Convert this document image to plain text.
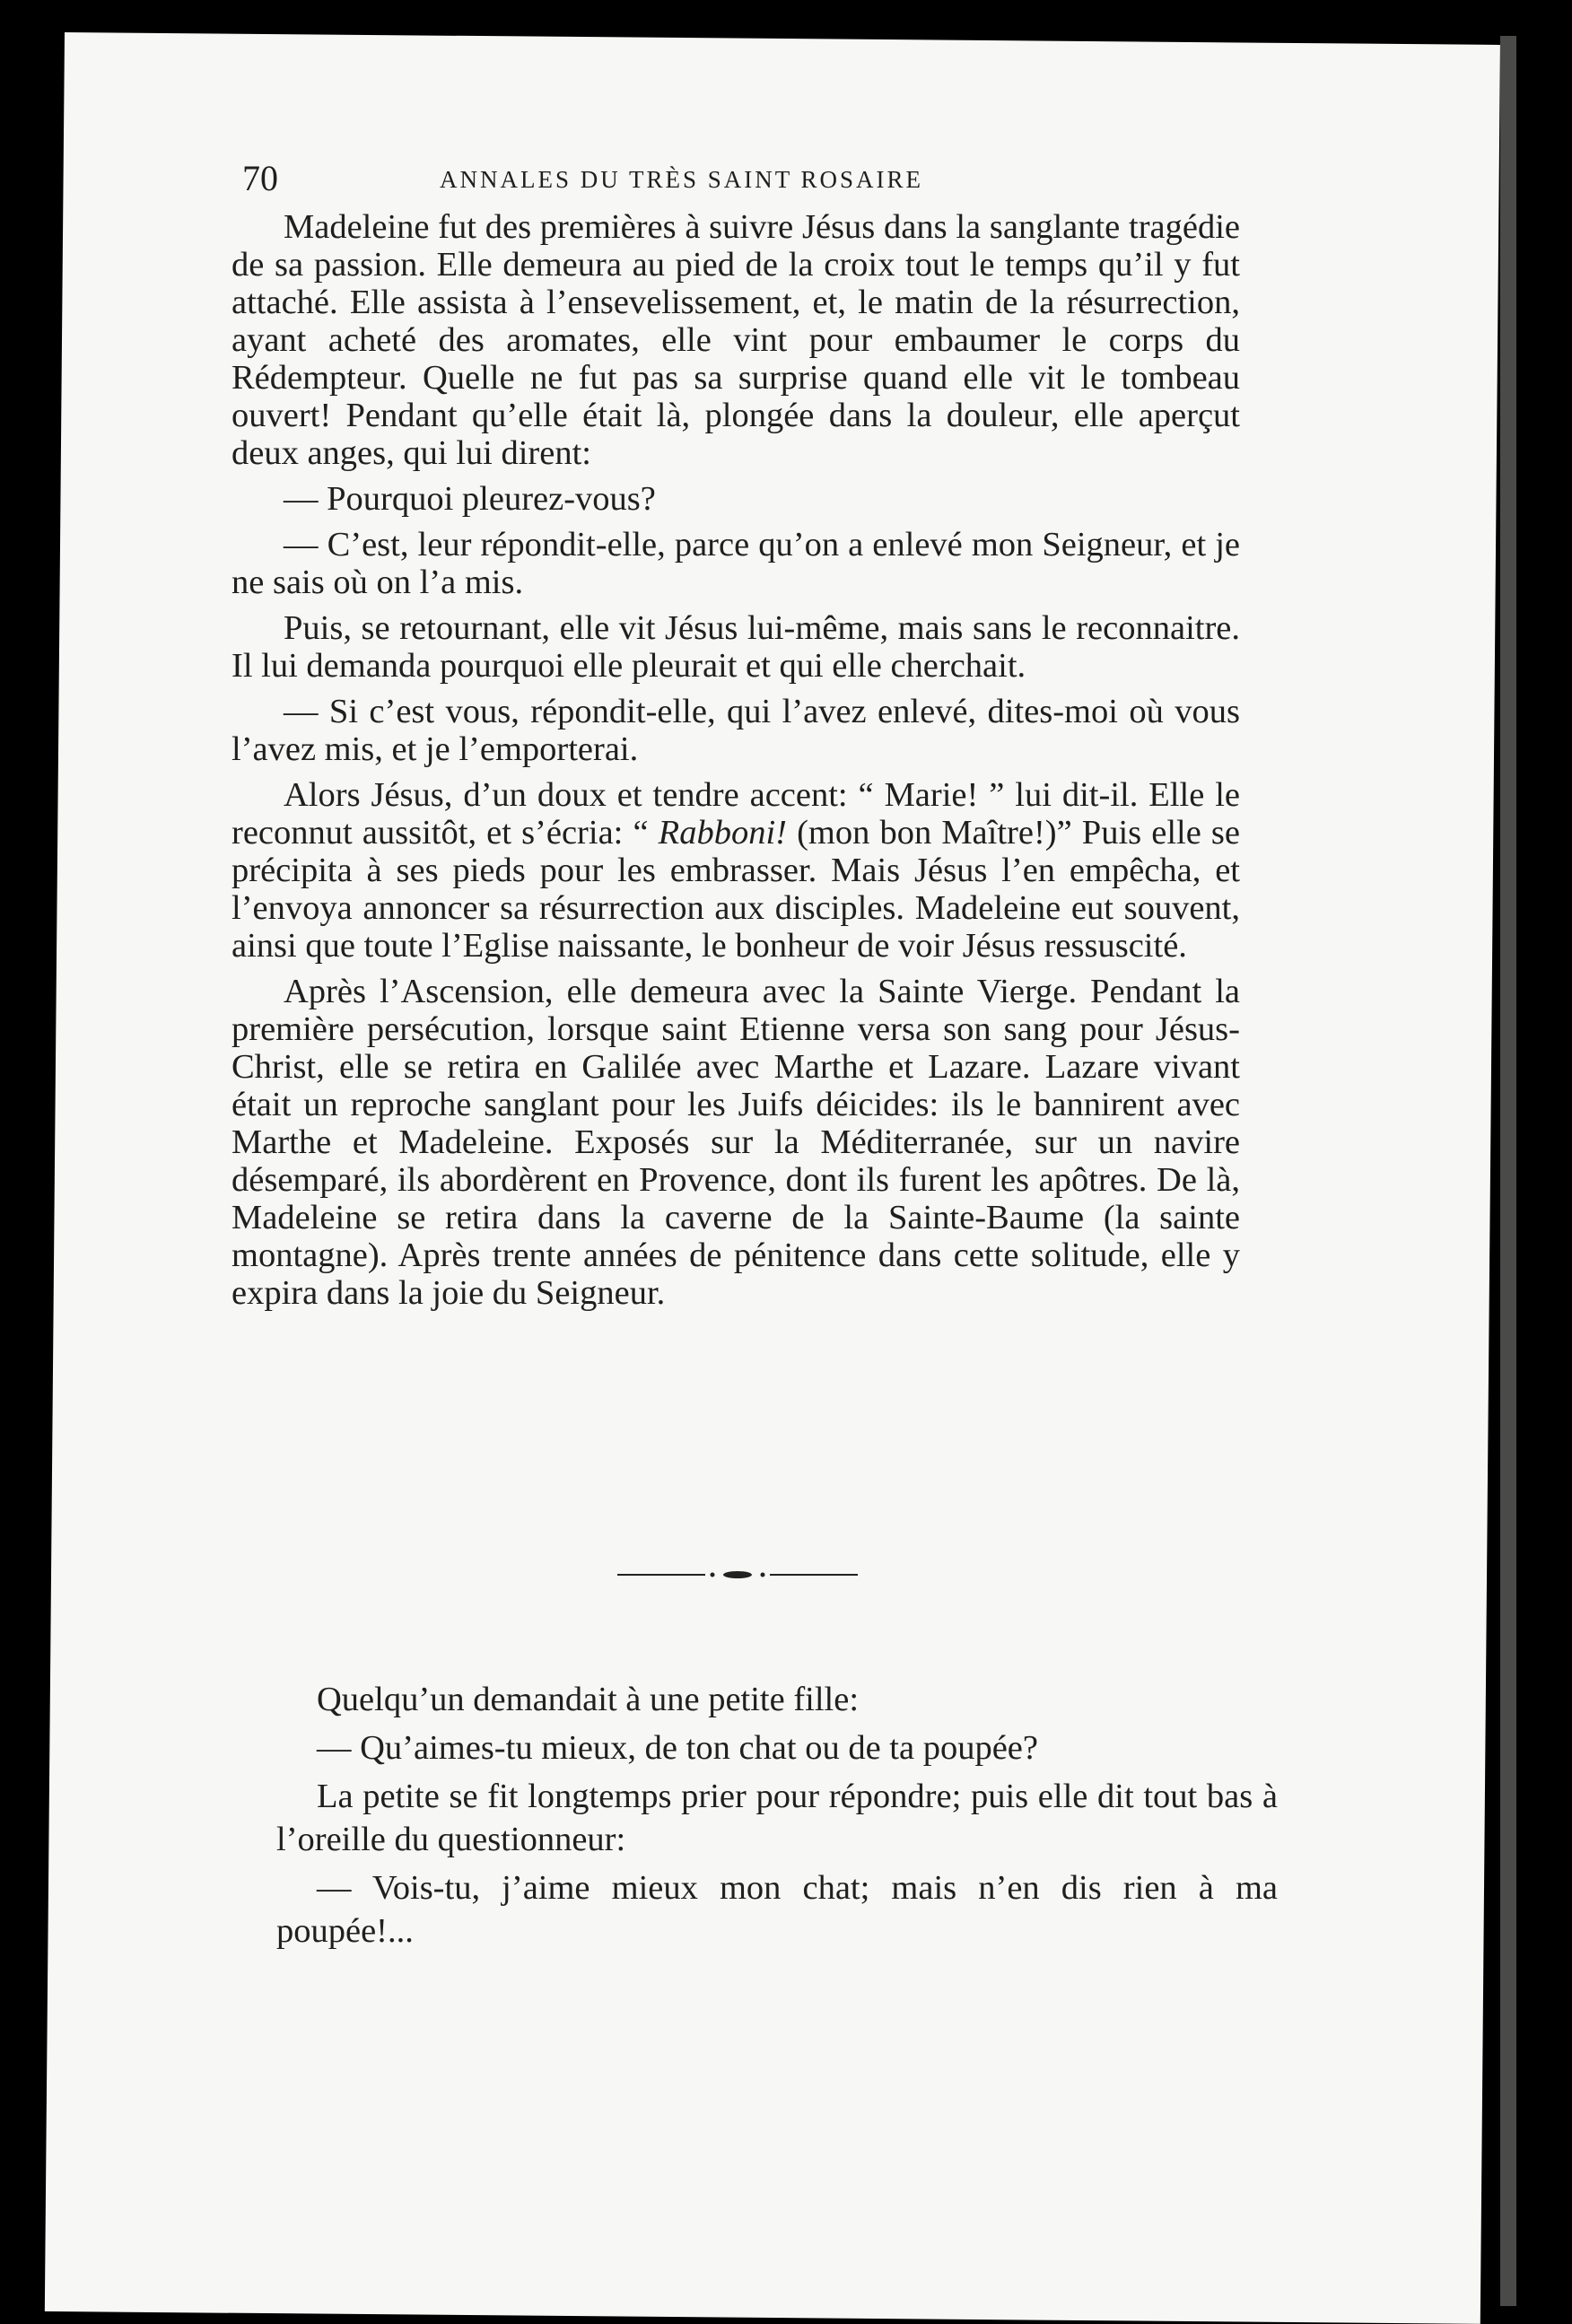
70	ANNALES DU TRÈS SAINT ROSAIRE

Madeleine fut des premières à suivre Jésus dans la sanglante tragédie de sa passion. Elle demeura au pied de la croix tout le temps qu’il y fut attaché. Elle assista à l’ensevelissement, et, le matin de la résurrection, ayant acheté des aromates, elle vint pour embaumer le corps du Rédempteur. Quelle ne fut pas sa surprise quand elle vit le tombeau ouvert! Pendant qu’elle était là, plongée dans la douleur, elle aperçut deux anges, qui lui dirent:

— Pourquoi pleurez-vous?

— C’est, leur répondit-elle, parce qu’on a enlevé mon Seigneur, et je ne sais où on l’a mis.

Puis, se retournant, elle vit Jésus lui-même, mais sans le reconnaitre. Il lui demanda pourquoi elle pleurait et qui elle cherchait.

— Si c’est vous, répondit-elle, qui l’avez enlevé, dites-moi où vous l’avez mis, et je l’emporterai.

Alors Jésus, d’un doux et tendre accent: “ Marie! ” lui dit-il. Elle le reconnut aussitôt, et s’écria: “ Rabboni! (mon bon Maître!)” Puis elle se précipita à ses pieds pour les embrasser. Mais Jésus l’en empêcha, et l’envoya annoncer sa résurrection aux disciples. Madeleine eut souvent, ainsi que toute l’Eglise naissante, le bonheur de voir Jésus ressuscité.

Après l’Ascension, elle demeura avec la Sainte Vierge. Pendant la première persécution, lorsque saint Etienne versa son sang pour Jésus-Christ, elle se retira en Galilée avec Marthe et Lazare. Lazare vivant était un reproche sanglant pour les Juifs déicides: ils le bannirent avec Marthe et Madeleine. Exposés sur la Méditerranée, sur un navire désemparé, ils abordèrent en Provence, dont ils furent les apôtres. De là, Madeleine se retira dans la caverne de la Sainte-Baume (la sainte montagne). Après trente années de pénitence dans cette solitude, elle y expira dans la joie du Seigneur.

Quelqu’un demandait à une petite fille:

— Qu’aimes-tu mieux, de ton chat ou de ta poupée?

La petite se fit longtemps prier pour répondre; puis elle dit tout bas à l’oreille du questionneur:

— Vois-tu, j’aime mieux mon chat; mais n’en dis rien à ma poupée!...
